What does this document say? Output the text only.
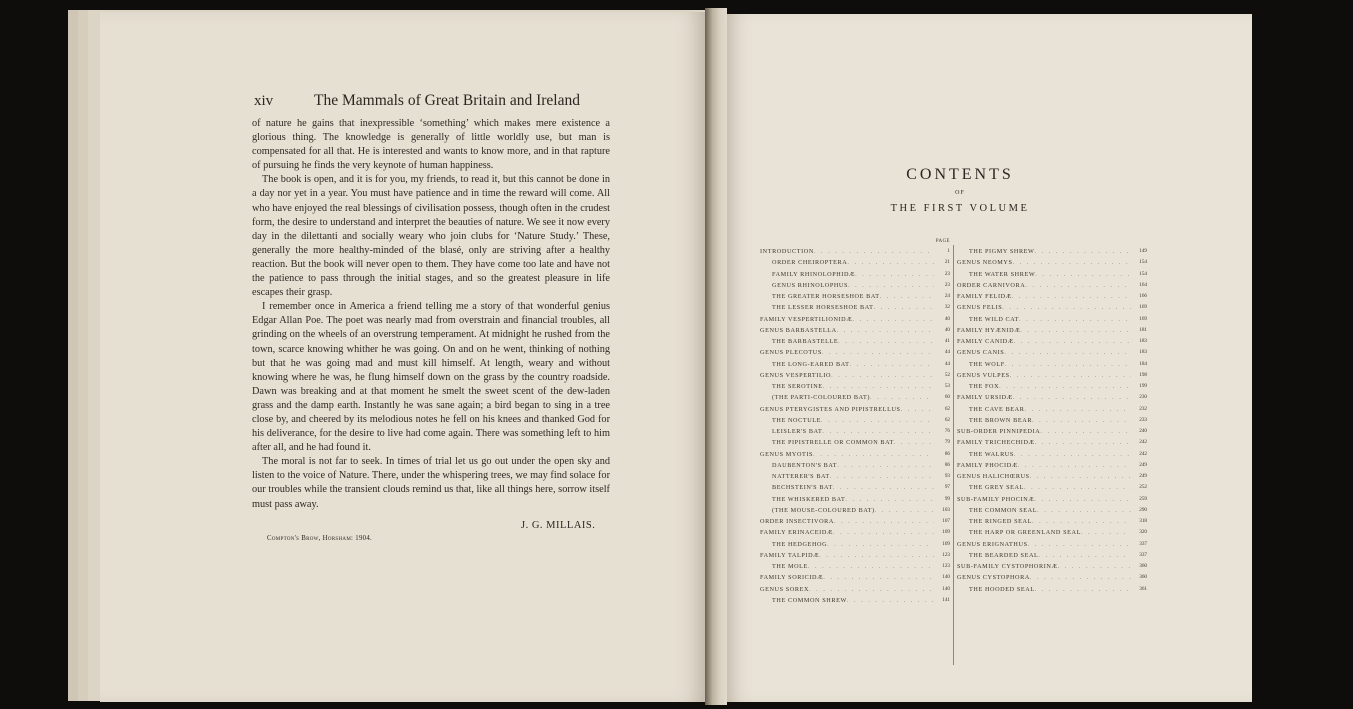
xiv	The Mammals of Great Britain and Ireland

of nature he gains that inexpressible ‘something’ which makes mere existence a glorious thing. The knowledge is generally of little worldly use, but man is compensated for all that. He is interested and wants to know more, and in that rapture of pursuing he finds the very keynote of human happiness.

The book is open, and it is for you, my friends, to read it, but this cannot be done in a day nor yet in a year. You must have patience and in time the reward will come. All who have enjoyed the real blessings of civilisation possess, though often in the crudest form, the desire to understand and interpret the beauties of nature. We see it now every day in the dilettanti and socially weary who join clubs for ‘Nature Study.’ These, generally the more healthy-minded of the blasé, only are striving after a healthy reaction. But the book will never open to them. They have come too late and have not the patience to pass through the initial stages, and so the greatest pleasure in life escapes their grasp.

I remember once in America a friend telling me a story of that wonderful genius Edgar Allan Poe. The poet was nearly mad from overstrain and financial troubles, all grinding on the wheels of an overstrung temperament. At midnight he rushed from the town, scarce knowing whither he was going. On and on he went, thinking of nothing but that he was going mad and must kill himself. At length, weary and without knowing where he was, he flung himself down on the grass by the country roadside. Dawn was breaking and at that moment he smelt the sweet scent of the dew-laden grass and the damp earth. Instantly he was sane again; a bird began to sing in a tree close by, and cheered by its melodious notes he fell on his knees and thanked God for his deliverance, for the desire to live had come again. There was something left to him after all, and he had found it.

The moral is not far to seek. In times of trial let us go out under the open sky and listen to the voice of Nature. There, under the whispering trees, we may find solace for our troubles while the transient clouds remind us that, like all things here, sorrow itself must pass away.

J. G. MILLAIS.
Compton's Brow, Horsham: 1904.
CONTENTS
OF
THE FIRST VOLUME
PAGE
INTRODUCTION . . .	1
ORDER CHEIROPTERA . . .	21
FAMILY RHINOLOPHIDÆ . . .	23
GENUS RHINOLOPHUS . . .	23
THE GREATER HORSESHOE BAT . . .	24
THE LESSER HORSESHOE BAT . . .	32
FAMILY VESPERTILIONIDÆ . . .	40
GENUS BARBASTELLA . . .	40
THE BARBASTELLE . . .	41
GENUS PLECOTUS . . .	44
THE LONG-EARED BAT . . .	44
GENUS VESPERTILIO . . .	52
THE SEROTINE . . .	53
(THE PARTI-COLOURED BAT) . . .	60
GENUS PTERYGISTES AND PIPISTRELLUS . . .	62
THE NOCTULE . . .	62
LEISLER'S BAT . . .	76
THE PIPISTRELLE OR COMMON BAT . . .	79
GENUS MYOTIS . . .	86
DAUBENTON'S BAT . . .	86
NATTERER'S BAT . . .	93
BECHSTEIN'S BAT . . .	97
THE WHISKERED BAT . . .	99
(THE MOUSE-COLOURED BAT) . . .	103
ORDER INSECTIVORA . . .	107
FAMILY ERINACEIDÆ . . .	109
THE HEDGEHOG . . .	109
FAMILY TALPIDÆ . . .	123
THE MOLE . . .	123
FAMILY SORICIDÆ . . .	140
GENUS SOREX . . .	140
THE COMMON SHREW . . .	141
THE PIGMY SHREW . . .	149
GENUS NEOMYS . . .	154
THE WATER SHREW . . .	154
ORDER CARNIVORA . . .	164
FAMILY FELIDÆ . . .	166
GENUS FELIS . . .	169
THE WILD CAT . . .	169
FAMILY HYÆNIDÆ . . .	181
FAMILY CANIDÆ . . .	183
GENUS CANIS . . .	183
THE WOLF . . .	184
GENUS VULPES . . .	198
THE FOX . . .	199
FAMILY URSIDÆ . . .	230
THE CAVE BEAR . . .	232
THE BROWN BEAR . . .	233
SUB-ORDER PINNIPEDIA . . .	240
FAMILY TRICHECHIDÆ . . .	242
THE WALRUS . . .	242
FAMILY PHOCIDÆ . . .	249
GENUS HALICHŒRUS . . .	249
THE GREY SEAL . . .	252
SUB-FAMILY PHOCINÆ . . .	259
THE COMMON SEAL . . .	290
THE RINGED SEAL . . .	318
THE HARP OR GREENLAND SEAL . . .	320
GENUS ERIGNATHUS . . .	337
THE BEARDED SEAL . . .	337
SUB-FAMILY CYSTOPHORINÆ . . .	360
GENUS CYSTOPHORA . . .	360
THE HOODED SEAL . . .	361
